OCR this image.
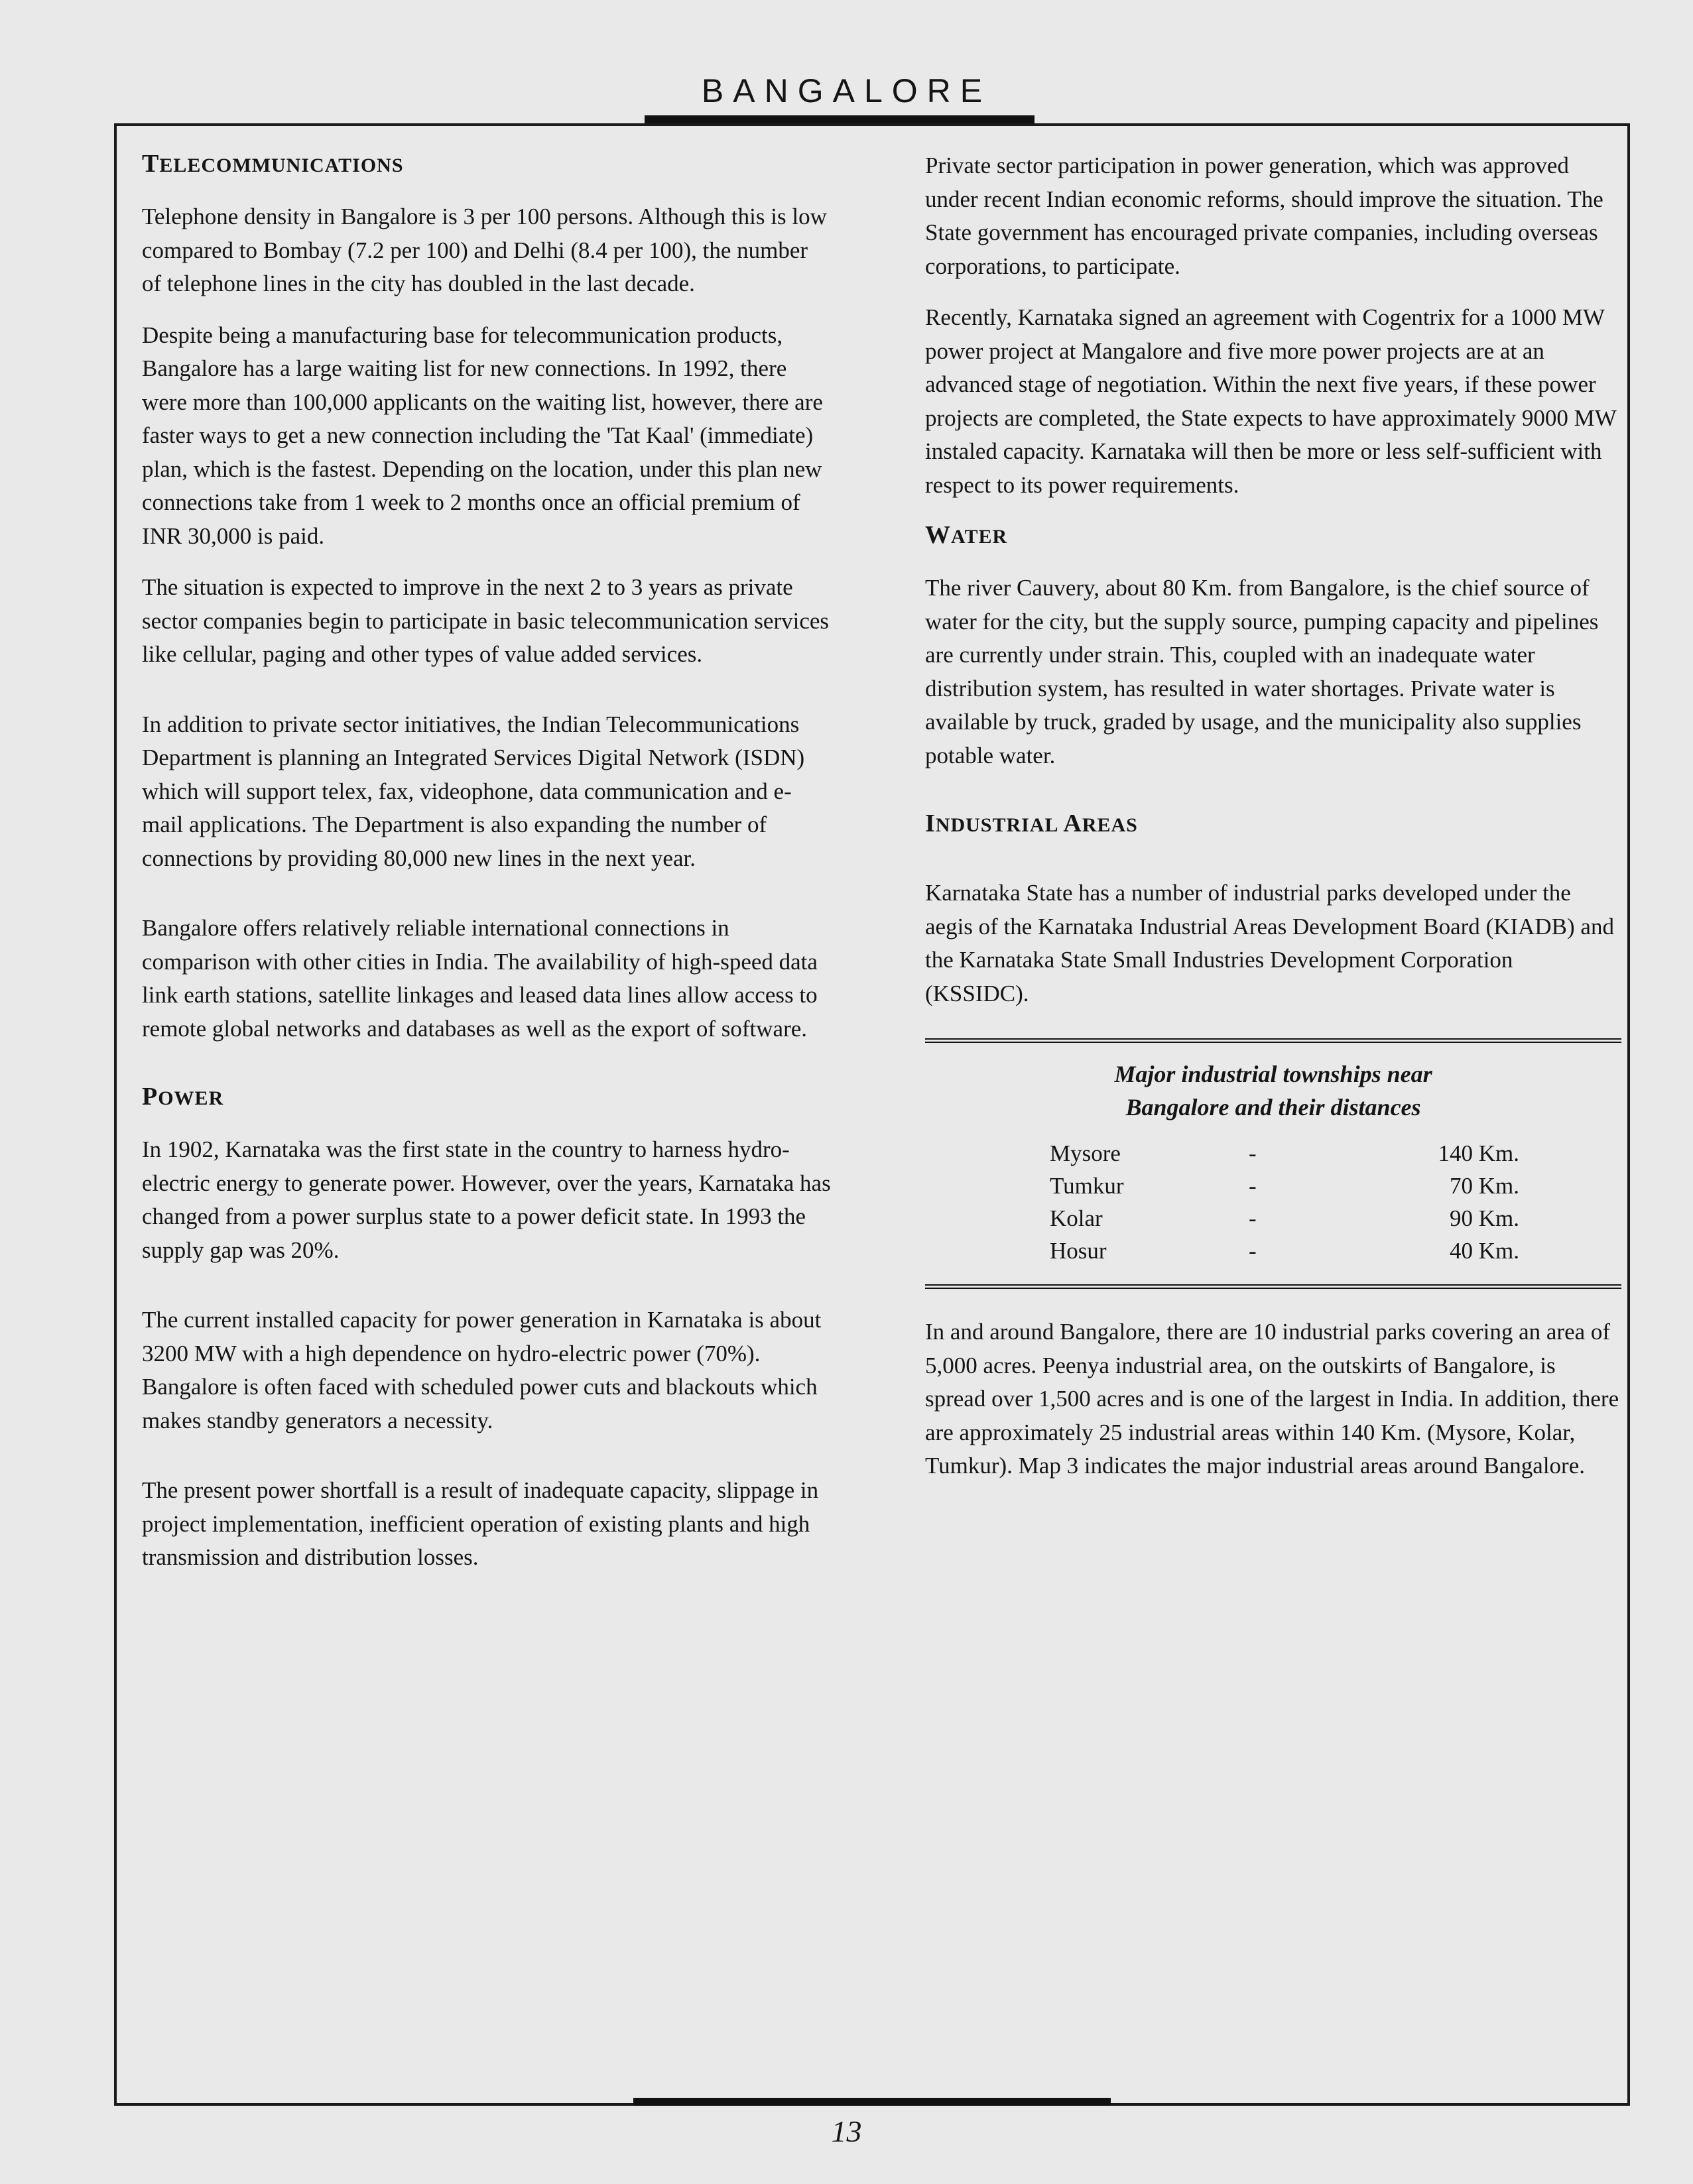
BANGALORE
TELECOMMUNICATIONS

Telephone density in Bangalore is 3 per 100 persons. Although this is low compared to Bombay (7.2 per 100) and Delhi (8.4 per 100), the number of telephone lines in the city has doubled in the last decade.

Despite being a manufacturing base for telecommunication products, Bangalore has a large waiting list for new connections. In 1992, there were more than 100,000 applicants on the waiting list, however, there are faster ways to get a new connection including the 'Tat Kaal' (immediate) plan, which is the fastest. Depending on the location, under this plan new connections take from 1 week to 2 months once an official premium of INR 30,000 is paid.

The situation is expected to improve in the next 2 to 3 years as private sector companies begin to participate in basic telecommunication services like cellular, paging and other types of value added services.

In addition to private sector initiatives, the Indian Telecommunications Department is planning an Integrated Services Digital Network (ISDN) which will support telex, fax, videophone, data communication and e-mail applications. The Department is also expanding the number of connections by providing 80,000 new lines in the next year.

Bangalore offers relatively reliable international connections in comparison with other cities in India. The availability of high-speed data link earth stations, satellite linkages and leased data lines allow access to remote global networks and databases as well as the export of software.

POWER

In 1902, Karnataka was the first state in the country to harness hydro-electric energy to generate power. However, over the years, Karnataka has changed from a power surplus state to a power deficit state. In 1993 the supply gap was 20%.

The current installed capacity for power generation in Karnataka is about 3200 MW with a high dependence on hydro-electric power (70%). Bangalore is often faced with scheduled power cuts and blackouts which makes standby generators a necessity.

The present power shortfall is a result of inadequate capacity, slippage in project implementation, inefficient operation of existing plants and high transmission and distribution losses.

Private sector participation in power generation, which was approved under recent Indian economic reforms, should improve the situation. The State government has encouraged private companies, including overseas corporations, to participate.

Recently, Karnataka signed an agreement with Cogentrix for a 1000 MW power project at Mangalore and five more power projects are at an advanced stage of negotiation. Within the next five years, if these power projects are completed, the State expects to have approximately 9000 MW instaled capacity. Karnataka will then be more or less self-sufficient with respect to its power requirements.

WATER

The river Cauvery, about 80 Km. from Bangalore, is the chief source of water for the city, but the supply source, pumping capacity and pipelines are currently under strain. This, coupled with an inadequate water distribution system, has resulted in water shortages. Private water is available by truck, graded by usage, and the municipality also supplies potable water.

INDUSTRIAL AREAS

Karnataka State has a number of industrial parks developed under the aegis of the Karnataka Industrial Areas Development Board (KIADB) and the Karnataka State Small Industries Development Corporation (KSSIDC).

Major industrial townships near
Bangalore and their distances
Mysore	-	140 Km.
Tumkur	-	70 Km.
Kolar	-	90 Km.
Hosur	-	40 Km.

In and around Bangalore, there are 10 industrial parks covering an area of 5,000 acres. Peenya industrial area, on the outskirts of Bangalore, is spread over 1,500 acres and is one of the largest in India. In addition, there are approximately 25 industrial areas within 140 Km. (Mysore, Kolar, Tumkur). Map 3 indicates the major industrial areas around Bangalore.

13
